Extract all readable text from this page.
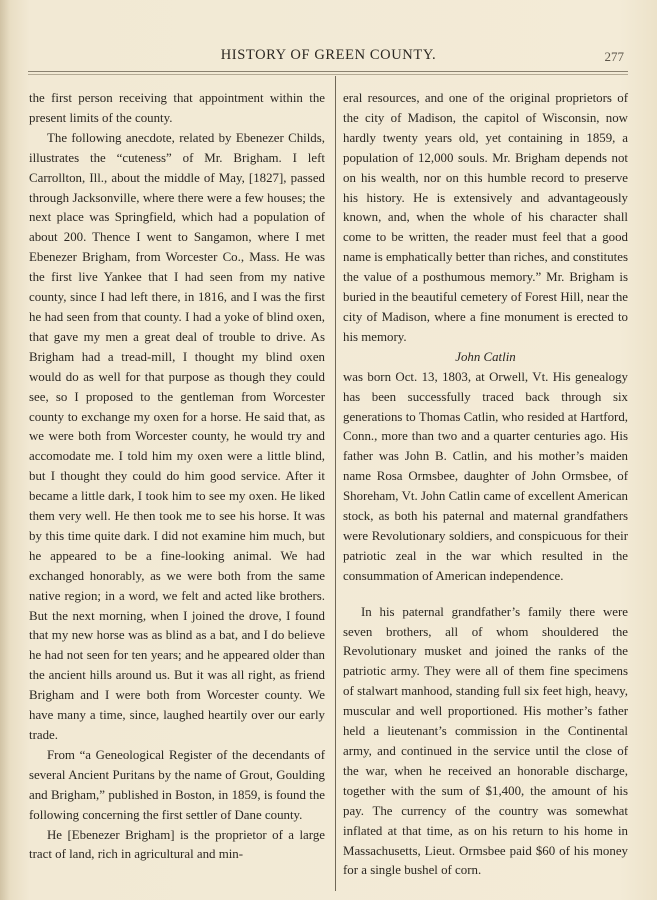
HISTORY OF GREEN COUNTY.	277

the first person receiving that appointment within the present limits of the county.

The following anecdote, related by Ebenezer Childs, illustrates the “cuteness” of Mr. Brigham. I left Carrollton, Ill., about the middle of May, [1827], passed through Jacksonville, where there were a few houses; the next place was Springfield, which had a population of about 200. Thence I went to Sangamon, where I met Ebenezer Brigham, from Worcester Co., Mass. He was the first live Yankee that I had seen from my native county, since I had left there, in 1816, and I was the first he had seen from that county. I had a yoke of blind oxen, that gave my men a great deal of trouble to drive. As Brigham had a tread-mill, I thought my blind oxen would do as well for that purpose as though they could see, so I proposed to the gentleman from Worcester county to exchange my oxen for a horse. He said that, as we were both from Worcester county, he would try and accomodate me. I told him my oxen were a little blind, but I thought they could do him good service. After it became a little dark, I took him to see my oxen. He liked them very well. He then took me to see his horse. It was by this time quite dark. I did not examine him much, but he appeared to be a fine-looking animal. We had exchanged honorably, as we were both from the same native region; in a word, we felt and acted like brothers. But the next morning, when I joined the drove, I found that my new horse was as blind as a bat, and I do believe he had not seen for ten years; and he appeared older than the ancient hills around us. But it was all right, as friend Brigham and I were both from Worcester county. We have many a time, since, laughed heartily over our early trade.

From “a Geneological Register of the decendants of several Ancient Puritans by the name of Grout, Goulding and Brigham,” published in Boston, in 1859, is found the following concerning the first settler of Dane county.

He [Ebenezer Brigham] is the proprietor of a large tract of land, rich in agricultural and min-

eral resources, and one of the original proprietors of the city of Madison, the capitol of Wisconsin, now hardly twenty years old, yet containing in 1859, a population of 12,000 souls. Mr. Brigham depends not on his wealth, nor on this humble record to preserve his history. He is extensively and advantageously known, and, when the whole of his character shall come to be written, the reader must feel that a good name is emphatically better than riches, and constitutes the value of a posthumous memory.” Mr. Brigham is buried in the beautiful cemetery of Forest Hill, near the city of Madison, where a fine monument is erected to his memory.

John Catlin

was born Oct. 13, 1803, at Orwell, Vt. His genealogy has been successfully traced back through six generations to Thomas Catlin, who resided at Hartford, Conn., more than two and a quarter centuries ago. His father was John B. Catlin, and his mother’s maiden name Rosa Ormsbee, daughter of John Ormsbee, of Shoreham, Vt. John Catlin came of excellent American stock, as both his paternal and maternal grandfathers were Revolutionary soldiers, and conspicuous for their patriotic zeal in the war which resulted in the consummation of American independence.

In his paternal grandfather’s family there were seven brothers, all of whom shouldered the Revolutionary musket and joined the ranks of the patriotic army. They were all of them fine specimens of stalwart manhood, standing full six feet high, heavy, muscular and well proportioned. His mother’s father held a lieutenant’s commission in the Continental army, and continued in the service until the close of the war, when he received an honorable discharge, together with the sum of $1,400, the amount of his pay. The currency of the country was somewhat inflated at that time, as on his return to his home in Massachusetts, Lieut. Ormsbee paid $60 of his money for a single bushel of corn.
